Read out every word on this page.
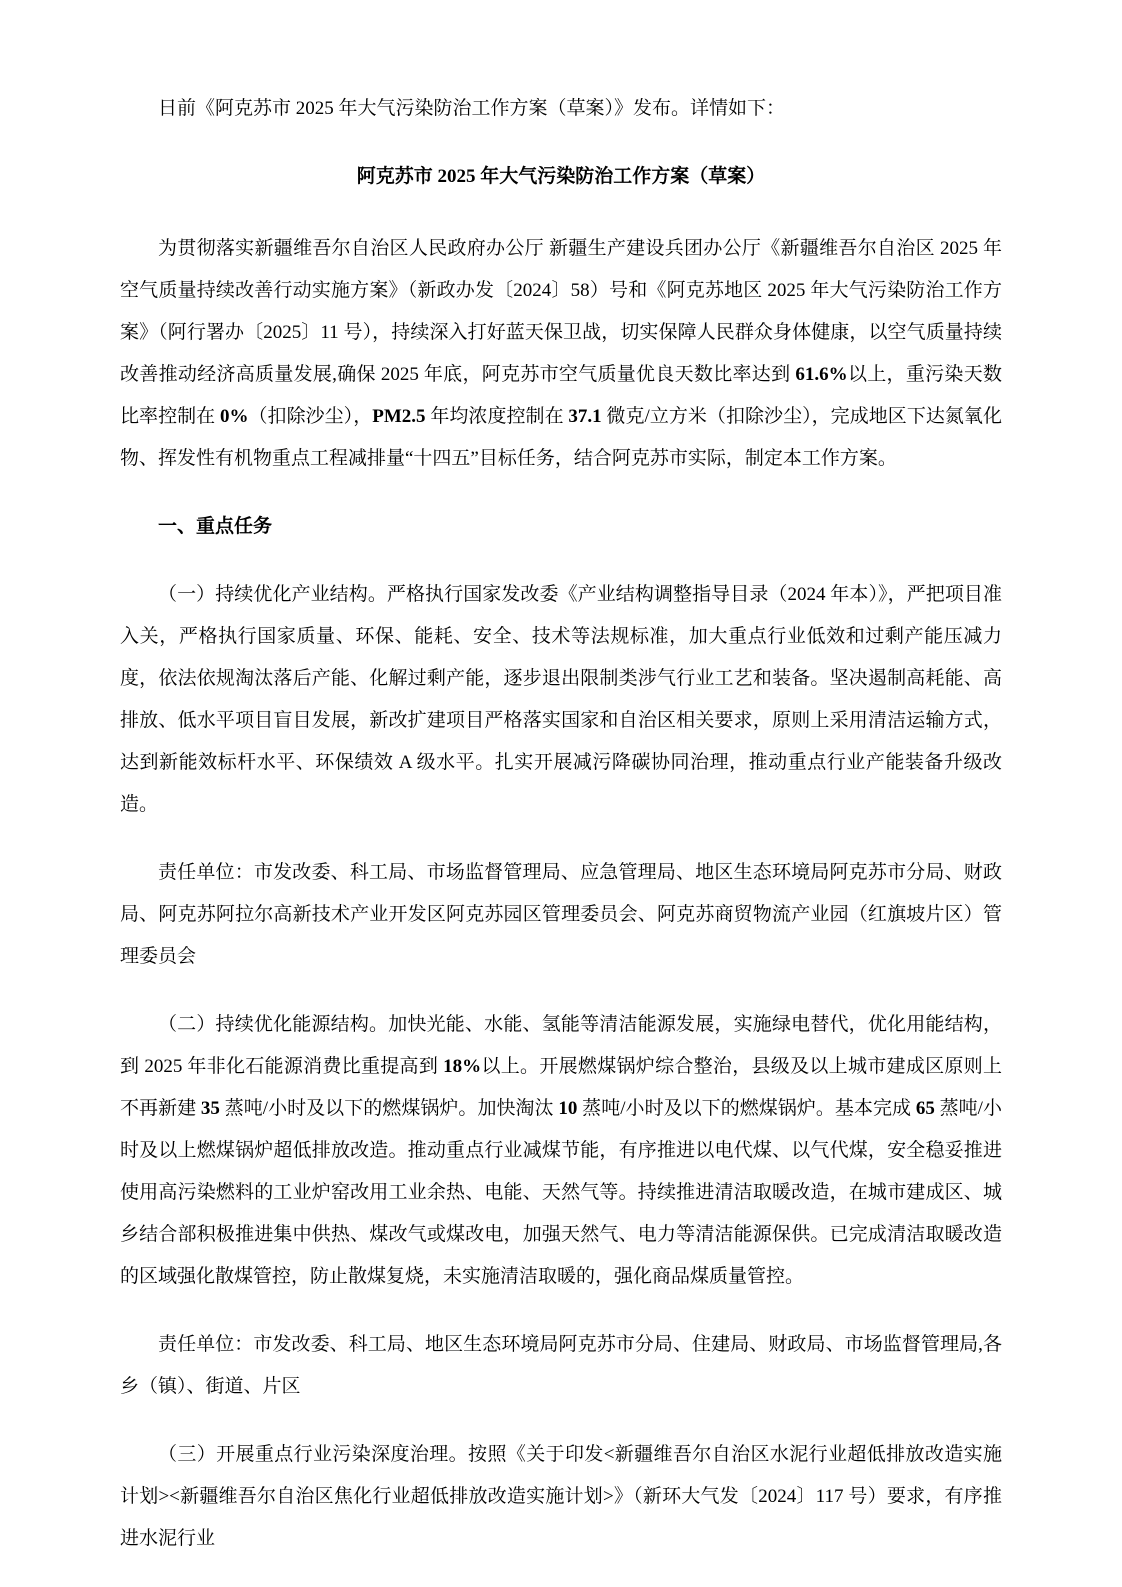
日前《阿克苏市 2025 年大气污染防治工作方案（草案）》发布。详情如下：

阿克苏市 2025 年大气污染防治工作方案（草案）

为贯彻落实新疆维吾尔自治区人民政府办公厅 新疆生产建设兵团办公厅《新疆维吾尔自治区 2025 年空气质量持续改善行动实施方案》（新政办发〔2024〕58）号和《阿克苏地区 2025 年大气污染防治工作方案》（阿行署办〔2025〕11 号），持续深入打好蓝天保卫战，切实保障人民群众身体健康，以空气质量持续改善推动经济高质量发展,确保 2025 年底，阿克苏市空气质量优良天数比率达到 61.6%以上，重污染天数比率控制在 0%（扣除沙尘），PM2.5 年均浓度控制在 37.1 微克/立方米（扣除沙尘），完成地区下达氮氧化物、挥发性有机物重点工程减排量“十四五”目标任务，结合阿克苏市实际，制定本工作方案。

一、重点任务

（一）持续优化产业结构。严格执行国家发改委《产业结构调整指导目录（2024 年本）》，严把项目准入关，严格执行国家质量、环保、能耗、安全、技术等法规标准，加大重点行业低效和过剩产能压减力度，依法依规淘汰落后产能、化解过剩产能，逐步退出限制类涉气行业工艺和装备。坚决遏制高耗能、高排放、低水平项目盲目发展，新改扩建项目严格落实国家和自治区相关要求，原则上采用清洁运输方式，达到新能效标杆水平、环保绩效 A 级水平。扎实开展减污降碳协同治理，推动重点行业产能装备升级改造。

责任单位：市发改委、科工局、市场监督管理局、应急管理局、地区生态环境局阿克苏市分局、财政局、阿克苏阿拉尔高新技术产业开发区阿克苏园区管理委员会、阿克苏商贸物流产业园（红旗坡片区）管理委员会

（二）持续优化能源结构。加快光能、水能、氢能等清洁能源发展，实施绿电替代，优化用能结构，到 2025 年非化石能源消费比重提高到 18%以上。开展燃煤锅炉综合整治，县级及以上城市建成区原则上不再新建 35 蒸吨/小时及以下的燃煤锅炉。加快淘汰 10 蒸吨/小时及以下的燃煤锅炉。基本完成 65 蒸吨/小时及以上燃煤锅炉超低排放改造。推动重点行业减煤节能，有序推进以电代煤、以气代煤，安全稳妥推进使用高污染燃料的工业炉窑改用工业余热、电能、天然气等。持续推进清洁取暖改造，在城市建成区、城乡结合部积极推进集中供热、煤改气或煤改电，加强天然气、电力等清洁能源保供。已完成清洁取暖改造的区域强化散煤管控，防止散煤复烧，未实施清洁取暖的，强化商品煤质量管控。

责任单位：市发改委、科工局、地区生态环境局阿克苏市分局、住建局、财政局、市场监督管理局,各乡（镇）、街道、片区

（三）开展重点行业污染深度治理。按照《关于印发<新疆维吾尔自治区水泥行业超低排放改造实施计划><新疆维吾尔自治区焦化行业超低排放改造实施计划>》（新环大气发〔2024〕117 号）要求，有序推进水泥行业
